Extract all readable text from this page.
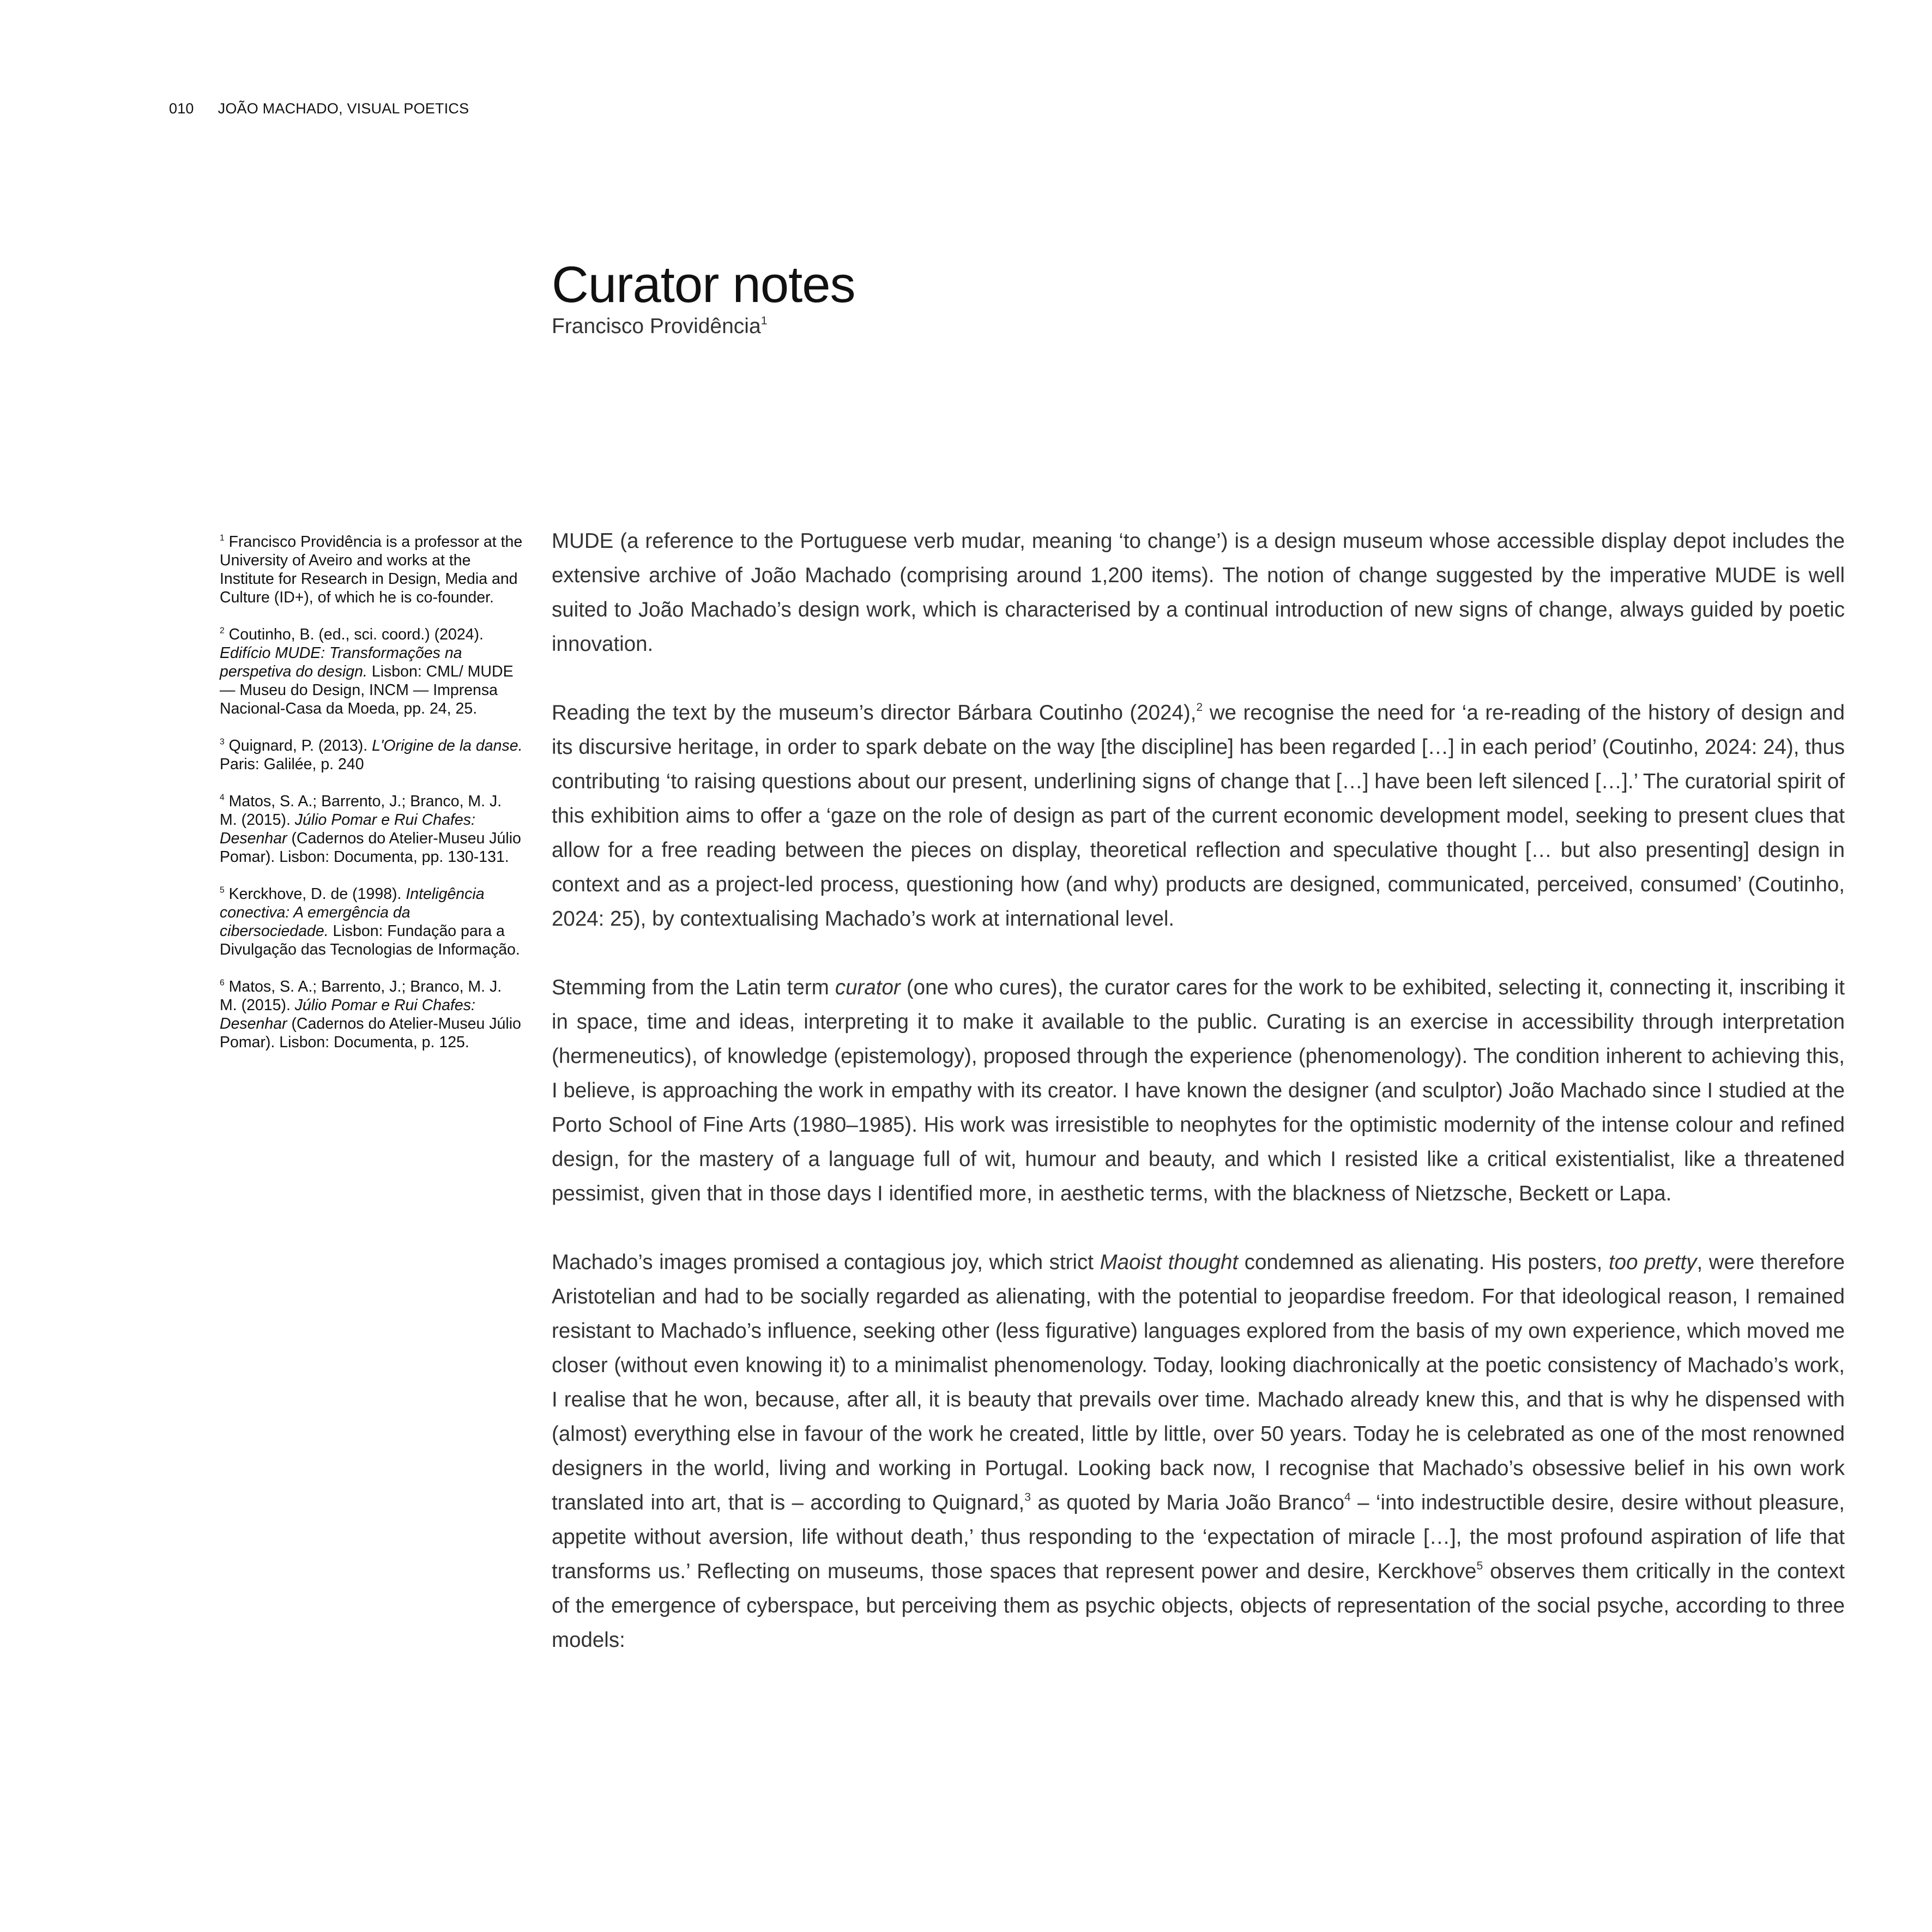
010 JOÃO MACHADO, VISUAL POETICS
Curator notes
Francisco Providência$^1$

$^1$ Francisco Providência is a professor at the University of Aveiro and works at the Institute for Research in Design, Media and Culture (ID+), of which he is co-founder.

$^2$ Coutinho, B. (ed., sci. coord.) (2024). Edifício MUDE: Transformações na perspetiva do design. Lisbon: CML/ MUDE — Museu do Design, INCM — Imprensa Nacional-Casa da Moeda, pp. 24, 25.

$^3$ Quignard, P. (2013). L'Origine de la danse. Paris: Galilée, p. 240

$^4$ Matos, S. A.; Barrento, J.; Branco, M. J. M. (2015). Júlio Pomar e Rui Chafes: Desenhar (Cadernos do Atelier-Museu Júlio Pomar). Lisbon: Documenta, pp. 130-131.

$^5$ Kerckhove, D. de (1998). Inteligência conectiva: A emergência da cibersociedade. Lisbon: Fundação para a Divulgação das Tecnologias de Informação.

$^6$ Matos, S. A.; Barrento, J.; Branco, M. J. M. (2015). Júlio Pomar e Rui Chafes: Desenhar (Cadernos do Atelier-Museu Júlio Pomar). Lisbon: Documenta, p. 125.

MUDE (a reference to the Portuguese verb mudar, meaning ‘to change’) is a design museum whose accessible display depot includes the extensive archive of João Machado (comprising around 1,200 items). The notion of change suggested by the imperative MUDE is well suited to João Machado’s design work, which is characterised by a continual introduction of new signs of change, always guided by poetic innovation.

Reading the text by the museum’s director Bárbara Coutinho (2024),$^2$ we recognise the need for ‘a re-reading of the history of design and its discursive heritage, in order to spark debate on the way [the discipline] has been regarded […] in each period’ (Coutinho, 2024: 24), thus contributing ‘to raising questions about our present, underlining signs of change that […] have been left silenced […].’ The curatorial spirit of this exhibition aims to offer a ‘gaze on the role of design as part of the current economic development model, seeking to present clues that allow for a free reading between the pieces on display, theoretical reflection and speculative thought [… but also presenting] design in context and as a project-led process, questioning how (and why) products are designed, communicated, perceived, consumed’ (Coutinho, 2024: 25), by contextualising Machado’s work at international level.

Stemming from the Latin term curator (one who cures), the curator cares for the work to be exhibited, selecting it, connecting it, inscribing it in space, time and ideas, interpreting it to make it available to the public. Curating is an exercise in accessibility through interpretation (hermeneutics), of knowledge (epistemology), proposed through the experience (phenomenology). The condition inherent to achieving this, I believe, is approaching the work in empathy with its creator. I have known the designer (and sculptor) João Machado since I studied at the Porto School of Fine Arts (1980–1985). His work was irresistible to neophytes for the optimistic modernity of the intense colour and refined design, for the mastery of a language full of wit, humour and beauty, and which I resisted like a critical existentialist, like a threatened pessimist, given that in those days I identified more, in aesthetic terms, with the blackness of Nietzsche, Beckett or Lapa.

Machado’s images promised a contagious joy, which strict Maoist thought condemned as alienating. His posters, too pretty, were therefore Aristotelian and had to be socially regarded as alienating, with the potential to jeopardise freedom. For that ideological reason, I remained resistant to Machado’s influence, seeking other (less figurative) languages explored from the basis of my own experience, which moved me closer (without even knowing it) to a minimalist phenomenology. Today, looking diachronically at the poetic consistency of Machado’s work, I realise that he won, because, after all, it is beauty that prevails over time. Machado already knew this, and that is why he dispensed with (almost) everything else in favour of the work he created, little by little, over 50 years. Today he is celebrated as one of the most renowned designers in the world, living and working in Portugal. Looking back now, I recognise that Machado’s obsessive belief in his own work translated into art, that is – according to Quignard,$^3$ as quoted by Maria João Branco$^4$ – ‘into indestructible desire, desire without pleasure, appetite without aversion, life without death,’ thus responding to the ‘expectation of miracle […], the most profound aspiration of life that transforms us.’ Reflecting on museums, those spaces that represent power and desire, Kerckhove$^5$ observes them critically in the context of the emergence of cyberspace, but perceiving them as psychic objects, objects of representation of the social psyche, according to three models:
